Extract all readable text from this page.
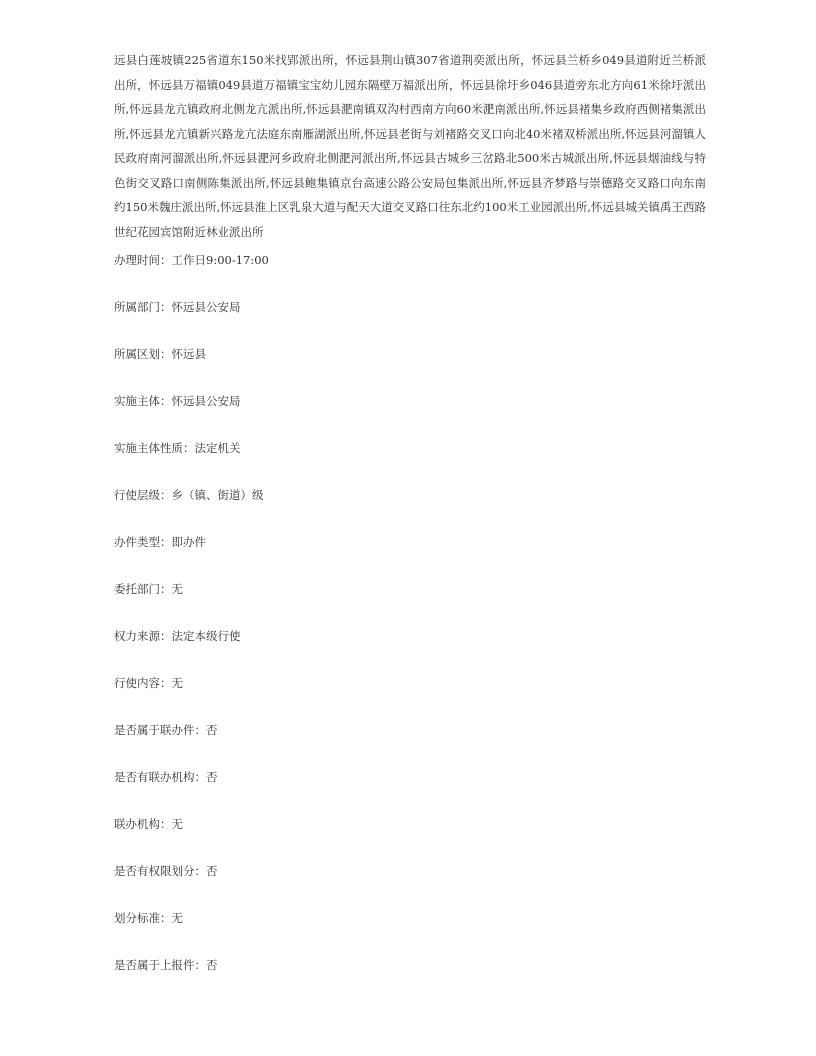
远县白莲坡镇225省道东150米找郢派出所，怀远县荆山镇307省道荆奕派出所，怀远县兰桥乡049县道附近兰桥派出所，怀远县万福镇049县道万福镇宝宝幼儿园东隔壁万福派出所，怀远县徐圩乡046县道旁东北方向61米徐圩派出所,怀远县龙亢镇政府北侧龙亢派出所,怀远县淝南镇双沟村西南方向60米淝南派出所,怀远县褚集乡政府西侧褚集派出所,怀远县龙亢镇新兴路龙亢法庭东南雁湖派出所,怀远县老街与刘褚路交叉口向北40米褚双桥派出所,怀远县河溜镇人民政府南河溜派出所,怀远县淝河乡政府北侧淝河派出所,怀远县古城乡三岔路北500米古城派出所,怀远县烟油线与特色街交叉路口南侧陈集派出所,怀远县鲍集镇京台高速公路公安局包集派出所,怀远县齐梦路与崇德路交叉路口向东南约150米魏庄派出所,怀远县淮上区乳泉大道与配天大道交叉路口往东北约100米工业园派出所,怀远县城关镇禹王西路世纪花园宾馆附近林业派出所

办理时间：工作日9:00-17:00

所属部门：怀远县公安局

所属区划：怀远县

实施主体：怀远县公安局

实施主体性质：法定机关

行使层级：乡（镇、街道）级

办件类型：即办件

委托部门：无

权力来源：法定本级行使

行使内容：无

是否属于联办件：否

是否有联办机构：否

联办机构：无

是否有权限划分：否

划分标准：无

是否属于上报件：否
